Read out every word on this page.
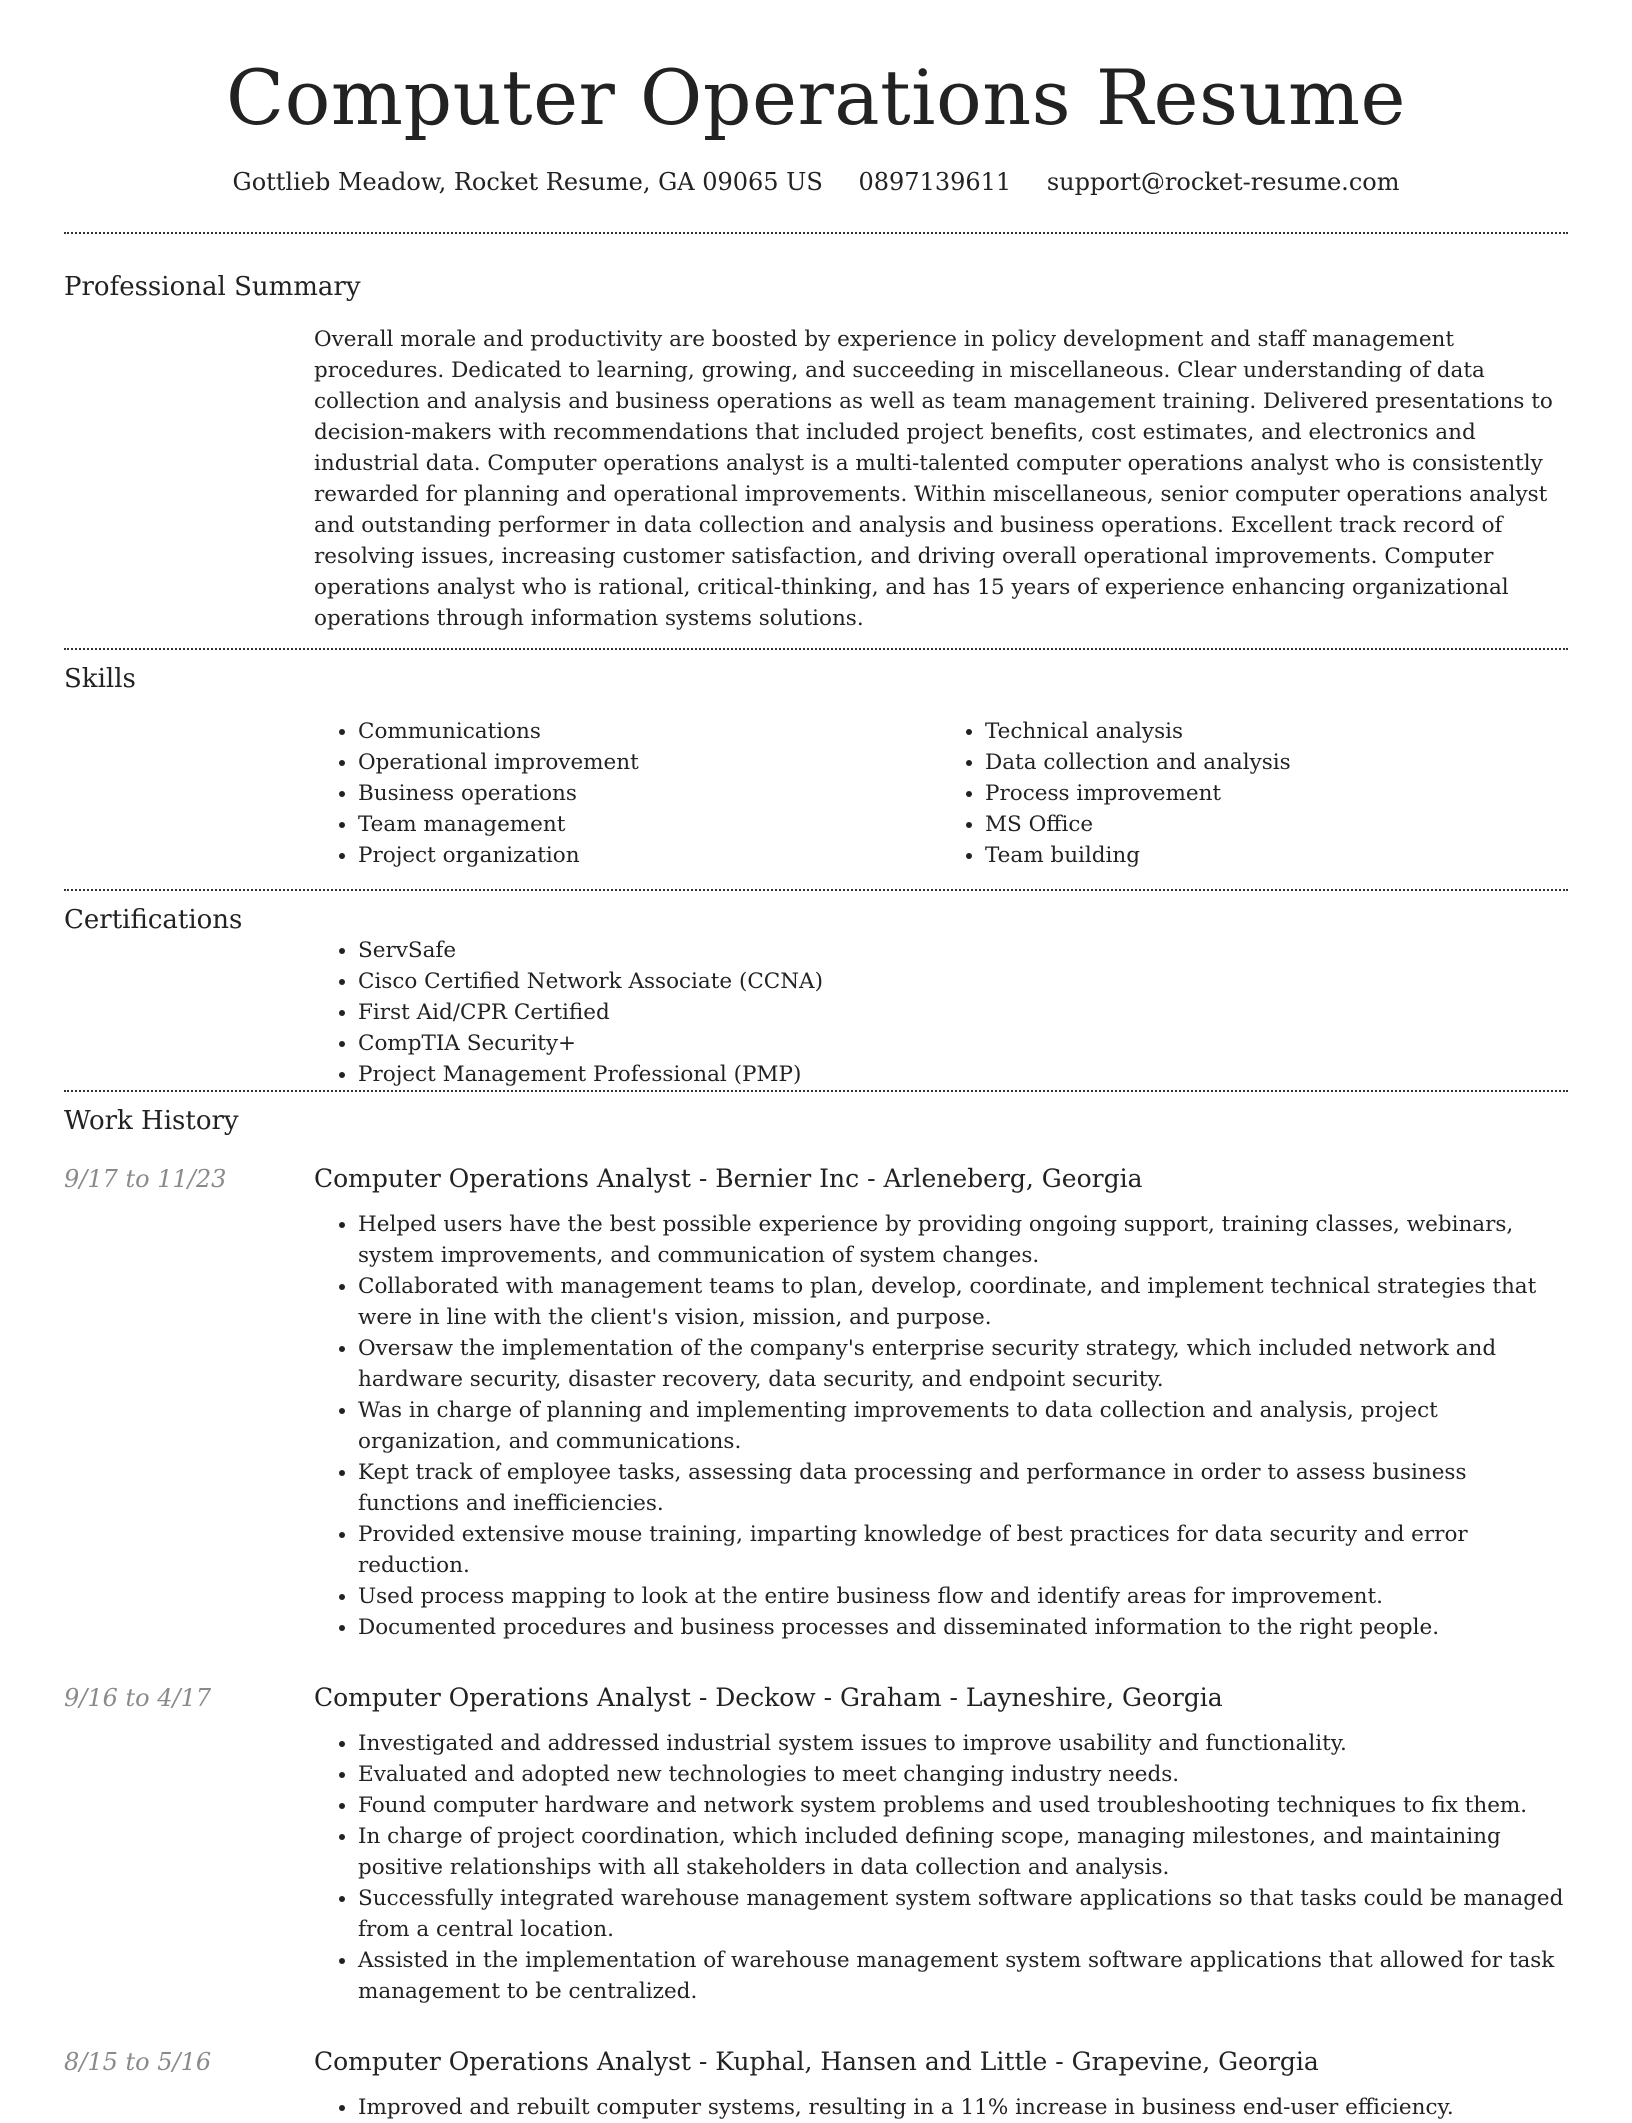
Computer Operations Resume
Gottlieb Meadow, Rocket Resume, GA 09065 US 0897139611 support@rocket-resume.com
Professional Summary

Overall morale and productivity are boosted by experience in policy development and staff management procedures. Dedicated to learning, growing, and succeeding in miscellaneous. Clear understanding of data collection and analysis and business operations as well as team management training. Delivered presentations to decision-makers with recommendations that included project benefits, cost estimates, and electronics and industrial data. Computer operations analyst is a multi-talented computer operations analyst who is consistently rewarded for planning and operational improvements. Within miscellaneous, senior computer operations analyst and outstanding performer in data collection and analysis and business operations. Excellent track record of resolving issues, increasing customer satisfaction, and driving overall operational improvements. Computer operations analyst who is rational, critical-thinking, and has 15 years of experience enhancing organizational operations through information systems solutions.

Skills
• Communications
• Operational improvement
• Business operations
• Team management
• Project organization
• Technical analysis
• Data collection and analysis
• Process improvement
• MS Office
• Team building
Certifications
• ServSafe
• Cisco Certified Network Associate (CCNA)
• First Aid/CPR Certified
• CompTIA Security+
• Project Management Professional (PMP)
Work History
9/17 to 11/23	Computer Operations Analyst - Bernier Inc - Arleneberg, Georgia
• Helped users have the best possible experience by providing ongoing support, training classes, webinars, system improvements, and communication of system changes.
• Collaborated with management teams to plan, develop, coordinate, and implement technical strategies that were in line with the client's vision, mission, and purpose.
• Oversaw the implementation of the company's enterprise security strategy, which included network and hardware security, disaster recovery, data security, and endpoint security.
• Was in charge of planning and implementing improvements to data collection and analysis, project organization, and communications.
• Kept track of employee tasks, assessing data processing and performance in order to assess business functions and inefficiencies.
• Provided extensive mouse training, imparting knowledge of best practices for data security and error reduction.
• Used process mapping to look at the entire business flow and identify areas for improvement.
• Documented procedures and business processes and disseminated information to the right people.
9/16 to 4/17	Computer Operations Analyst - Deckow - Graham - Layneshire, Georgia
• Investigated and addressed industrial system issues to improve usability and functionality.
• Evaluated and adopted new technologies to meet changing industry needs.
• Found computer hardware and network system problems and used troubleshooting techniques to fix them.
• In charge of project coordination, which included defining scope, managing milestones, and maintaining positive relationships with all stakeholders in data collection and analysis.
• Successfully integrated warehouse management system software applications so that tasks could be managed from a central location.
• Assisted in the implementation of warehouse management system software applications that allowed for task management to be centralized.
8/15 to 5/16	Computer Operations Analyst - Kuphal, Hansen and Little - Grapevine, Georgia
• Improved and rebuilt computer systems, resulting in a 11% increase in business end-user efficiency.
